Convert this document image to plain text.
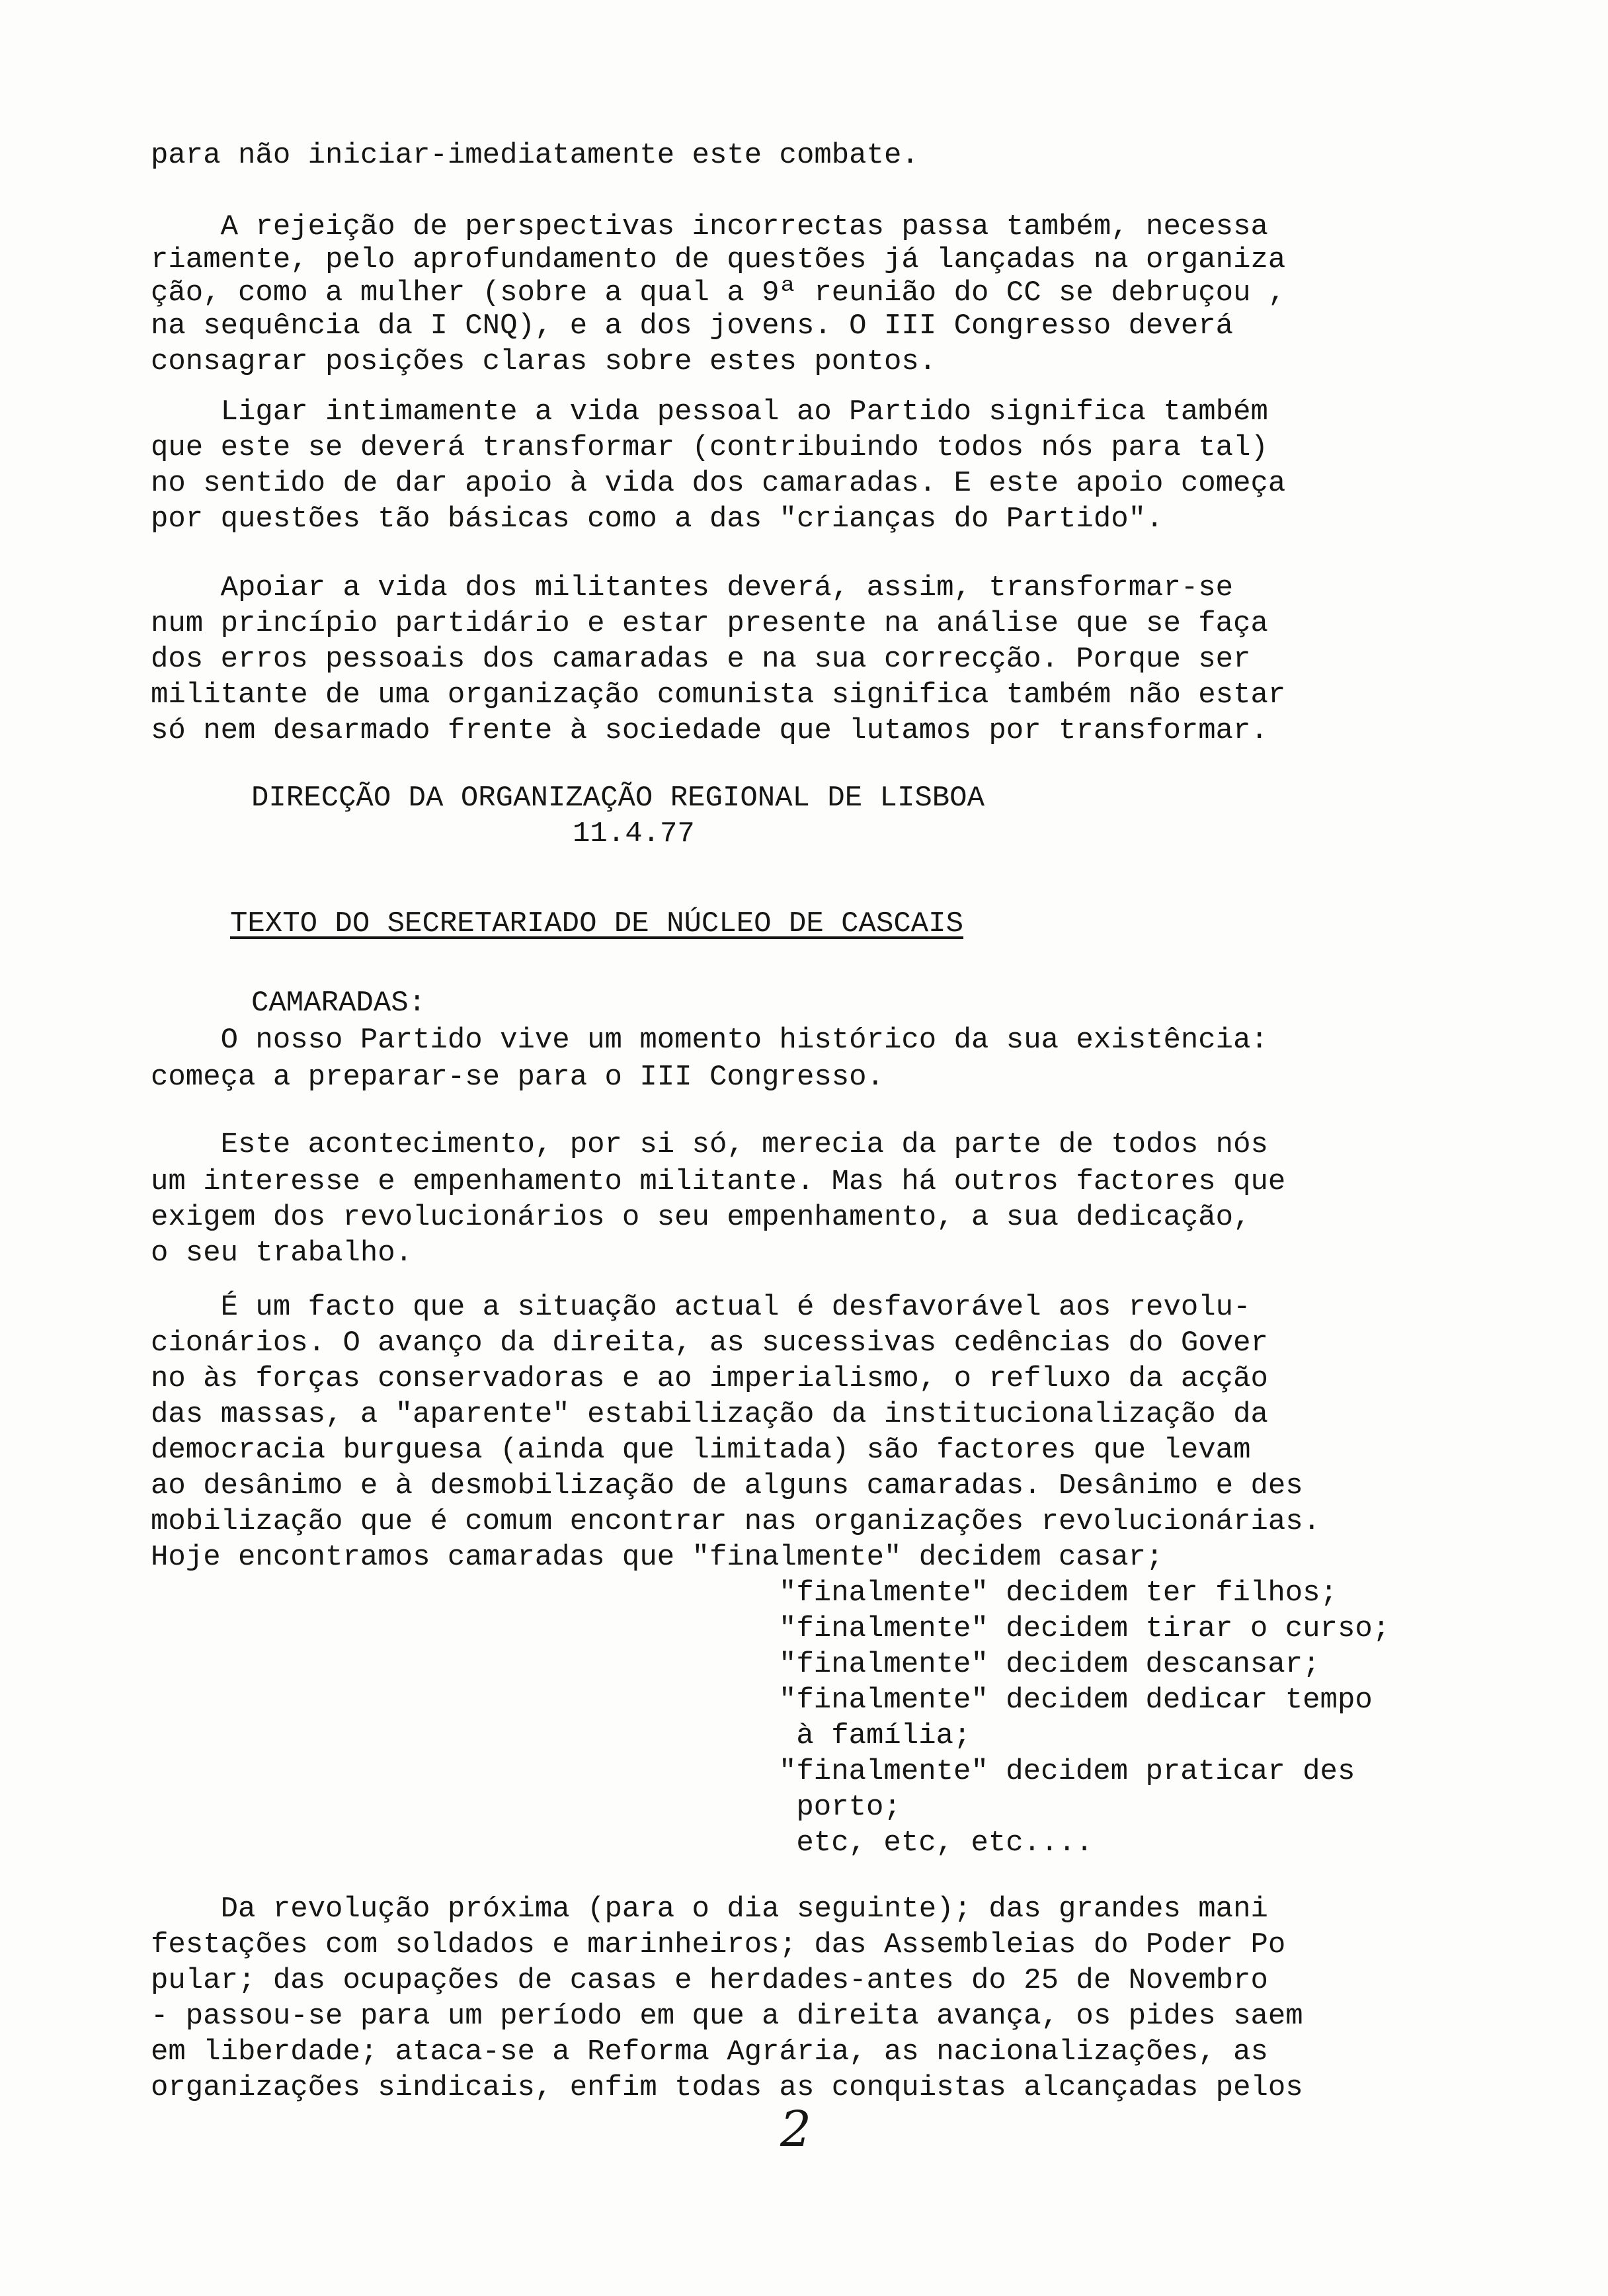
para não iniciar-imediatamente este combate.

A rejeição de perspectivas incorrectas passa também, necessa

riamente, pelo aprofundamento de questões já lançadas na organiza

ção, como a mulher (sobre a qual a 9ª reunião do CC se debruçou ,

na sequência da I CNQ), e a dos jovens. O III Congresso deverá

consagrar posições claras sobre estes pontos.

Ligar intimamente a vida pessoal ao Partido significa também

que este se deverá transformar (contribuindo todos nós para tal)

no sentido de dar apoio à vida dos camaradas. E este apoio começa

por questões tão básicas como a das "crianças do Partido".

Apoiar a vida dos militantes deverá, assim, transformar-se

num princípio partidário e estar presente na análise que se faça

dos erros pessoais dos camaradas e na sua correcção. Porque ser

militante de uma organização comunista significa também não estar

só nem desarmado frente à sociedade que lutamos por transformar.

DIRECÇÃO DA ORGANIZAÇÃO REGIONAL DE LISBOA

11.4.77

TEXTO DO SECRETARIADO DE NÚCLEO DE CASCAIS

CAMARADAS:

O nosso Partido vive um momento histórico da sua existência:

começa a preparar-se para o III Congresso.

Este acontecimento, por si só, merecia da parte de todos nós

um interesse e empenhamento militante. Mas há outros factores que

exigem dos revolucionários o seu empenhamento, a sua dedicação,

o seu trabalho.

É um facto que a situação actual é desfavorável aos revolu-

cionários. O avanço da direita, as sucessivas cedências do Gover

no às forças conservadoras e ao imperialismo, o refluxo da acção

das massas, a "aparente" estabilização da institucionalização da

democracia burguesa (ainda que limitada) são factores que levam

ao desânimo e à desmobilização de alguns camaradas. Desânimo e des

mobilização que é comum encontrar nas organizações revolucionárias.

Hoje encontramos camaradas que "finalmente" decidem casar;

"finalmente" decidem ter filhos;

"finalmente" decidem tirar o curso;

"finalmente" decidem descansar;

"finalmente" decidem dedicar tempo

à família;

"finalmente" decidem praticar des

porto;

etc, etc, etc....

Da revolução próxima (para o dia seguinte); das grandes mani

festações com soldados e marinheiros; das Assembleias do Poder Po

pular; das ocupações de casas e herdades-antes do 25 de Novembro

- passou-se para um período em que a direita avança, os pides saem

em liberdade; ataca-se a Reforma Agrária, as nacionalizações, as

organizações sindicais, enfim todas as conquistas alcançadas pelos

2
